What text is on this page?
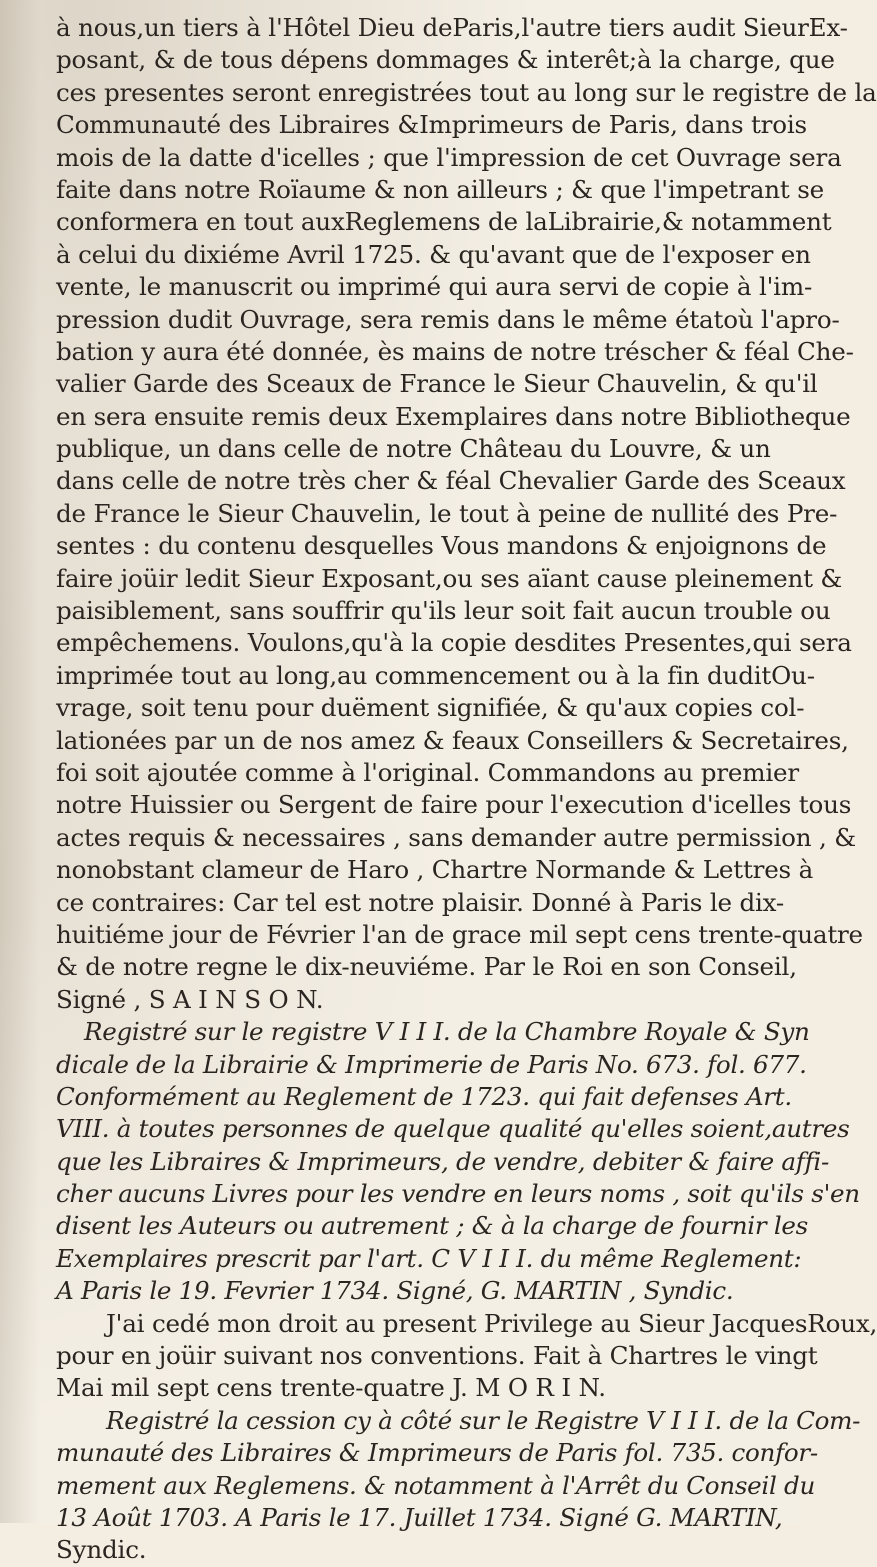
à nous,un tiers à l'Hôtel Dieu deParis,l'autre tiers audit SieurEx-
posant, & de tous dépens dommages & interêt;à la charge, que
ces presentes seront enregistrées tout au long sur le registre de la
Communauté des Libraires &Imprimeurs de Paris, dans trois
mois de la datte d'icelles ; que l'impression de cet Ouvrage sera
faite dans notre Roïaume & non ailleurs ; & que l'impetrant se
conformera en tout auxReglemens de laLibrairie,& notamment
à celui du dixiéme Avril 1725. & qu'avant que de l'exposer en
vente, le manuscrit ou imprimé qui aura servi de copie à l'im-
pression dudit Ouvrage, sera remis dans le même étatoù l'apro-
bation y aura été donnée, ès mains de notre tréscher & féal Che-
valier Garde des Sceaux de France le Sieur Chauvelin, & qu'il
en sera ensuite remis deux Exemplaires dans notre Bibliotheque
publique, un dans celle de notre Château du Louvre, & un
dans celle de notre très cher & féal Chevalier Garde des Sceaux
de France le Sieur Chauvelin, le tout à peine de nullité des Pre-
sentes : du contenu desquelles Vous mandons & enjoignons de
faire joüir ledit Sieur Exposant,ou ses aïant cause pleinement &
paisiblement, sans souffrir qu'ils leur soit fait aucun trouble ou
empêchemens. Voulons,qu'à la copie desdites Presentes,qui sera
imprimée tout au long,au commencement ou à la fin duditOu-
vrage, soit tenu pour duëment signifiée, & qu'aux copies col-
lationées par un de nos amez & feaux Conseillers & Secretaires,
foi soit ajoutée comme à l'original. Commandons au premier
notre Huissier ou Sergent de faire pour l'execution d'icelles tous
actes requis & necessaires , sans demander autre permission , &
nonobstant clameur de Haro , Chartre Normande & Lettres à
ce contraires: Car tel est notre plaisir. Donné à Paris le dix-
huitiéme jour de Février l'an de grace mil sept cens trente-quatre
& de notre regne le dix-neuviéme. Par le Roi en son Conseil,
Signé , S A I N S O N.
Registré sur le registre V I I I. de la Chambre Royale & Syn
dicale de la Librairie & Imprimerie de Paris No. 673. fol. 677.
Conformément au Reglement de 1723. qui fait defenses Art.
VIII. à toutes personnes de quelque qualité qu'elles soient,autres
que les Libraires & Imprimeurs, de vendre, debiter & faire affi-
cher aucuns Livres pour les vendre en leurs noms , soit qu'ils s'en
disent les Auteurs ou autrement ; & à la charge de fournir les
Exemplaires prescrit par l'art. C V I I I. du même Reglement:
A Paris le 19. Fevrier 1734. Signé, G. MARTIN , Syndic.
J'ai cedé mon droit au present Privilege au Sieur JacquesRoux,
pour en joüir suivant nos conventions. Fait à Chartres le vingt
Mai mil sept cens trente-quatre J. M O R I N.
Registré la cession cy à côté sur le Registre V I I I. de la Com-
munauté des Libraires & Imprimeurs de Paris fol. 735. confor-
mement aux Reglemens. & notamment à l'Arrêt du Conseil du
13 Août 1703. A Paris le 17. Juillet 1734. Signé G. MARTIN,
Syndic.
